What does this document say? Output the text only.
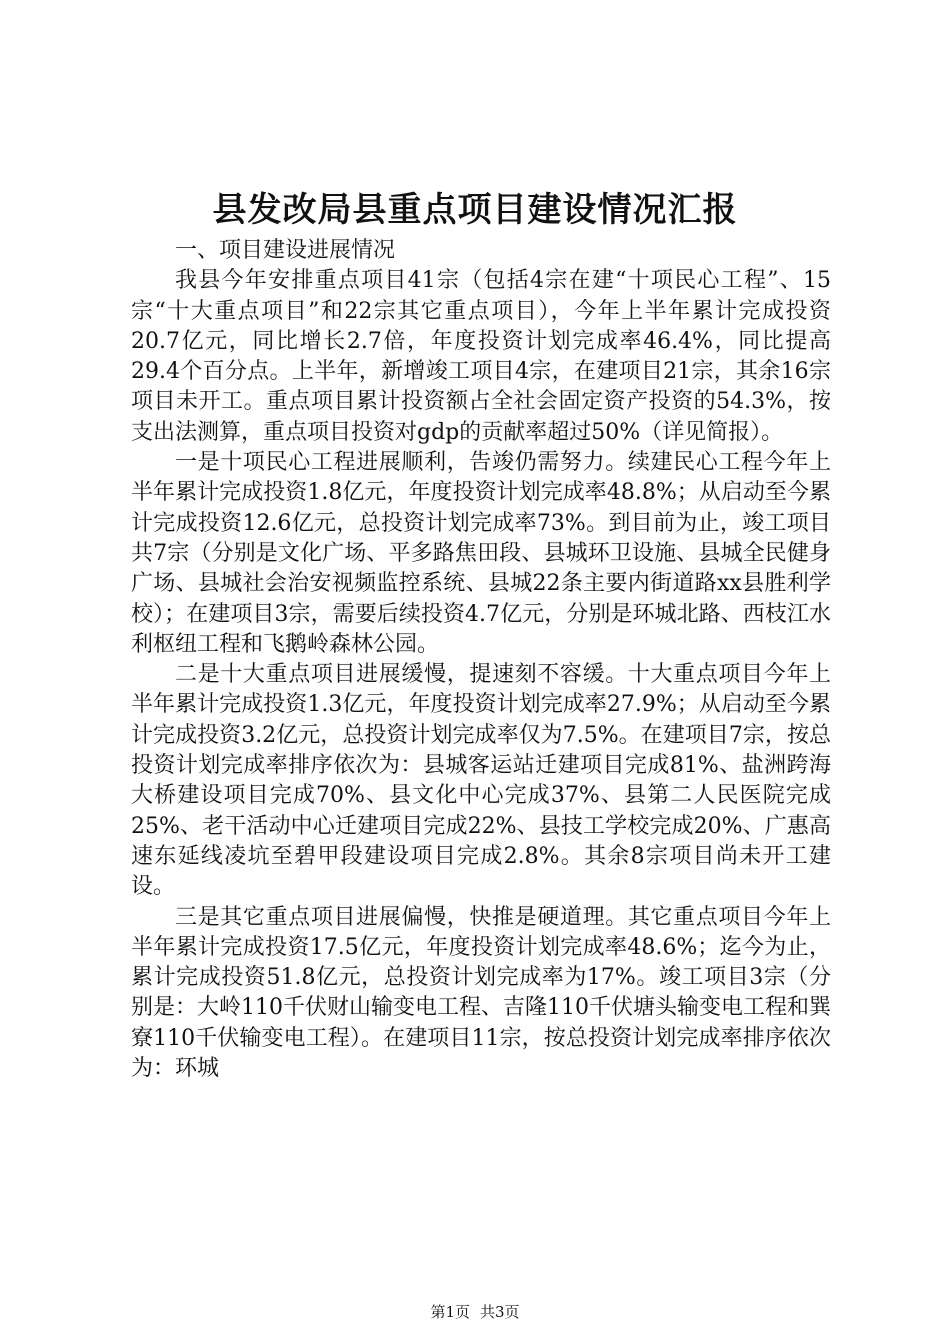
县发改局县重点项目建设情况汇报

一、项目建设进展情况

我县今年安排重点项目41宗（包括4宗在建“十项民心工程”、15宗“十大重点项目”和22宗其它重点项目），今年上半年累计完成投资20.7亿元，同比增长2.7倍，年度投资计划完成率46.4%，同比提高29.4个百分点。上半年，新增竣工项目4宗，在建项目21宗，其余16宗项目未开工。重点项目累计投资额占全社会固定资产投资的54.3%，按支出法测算，重点项目投资对gdp的贡献率超过50%（详见简报）。

一是十项民心工程进展顺利，告竣仍需努力。续建民心工程今年上半年累计完成投资1.8亿元，年度投资计划完成率48.8%；从启动至今累计完成投资12.6亿元，总投资计划完成率73%。到目前为止，竣工项目共7宗（分别是文化广场、平多路焦田段、县城环卫设施、县城全民健身广场、县城社会治安视频监控系统、县城22条主要内街道路xx县胜利学校）；在建项目3宗，需要后续投资4.7亿元，分别是环城北路、西枝江水利枢纽工程和飞鹅岭森林公园。

二是十大重点项目进展缓慢，提速刻不容缓。十大重点项目今年上半年累计完成投资1.3亿元，年度投资计划完成率27.9%；从启动至今累计完成投资3.2亿元，总投资计划完成率仅为7.5%。在建项目7宗，按总投资计划完成率排序依次为：县城客运站迁建项目完成81%、盐洲跨海大桥建设项目完成70%、县文化中心完成37%、县第二人民医院完成25%、老干活动中心迁建项目完成22%、县技工学校完成20%、广惠高速东延线凌坑至碧甲段建设项目完成2.8%。其余8宗项目尚未开工建设。

三是其它重点项目进展偏慢，快推是硬道理。其它重点项目今年上半年累计完成投资17.5亿元，年度投资计划完成率48.6%；迄今为止，累计完成投资51.8亿元，总投资计划完成率为17%。竣工项目3宗（分别是：大岭110千伏财山输变电工程、吉隆110千伏塘头输变电工程和巽寮110千伏输变电工程）。在建项目11宗，按总投资计划完成率排序依次为：环城

第1页 共3页
